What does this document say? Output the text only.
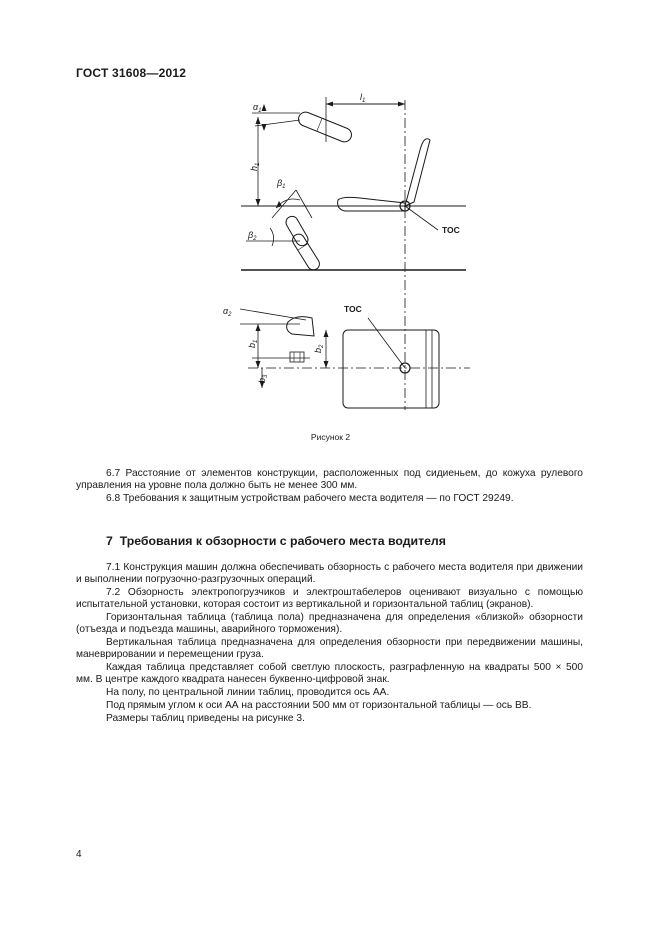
ГОСТ 31608—2012
$\alpha_1$
$l_1$
$h_1$
$\beta_1$
$\beta_2$
$\alpha_2$
$b_1$
$b_2$
$b_3$
ТОС
ТОС
Рисунок 2
6.7 Расстояние от элементов конструкции, расположенных под сидиеньем, до кожуха рулевого управления на уровне пола должно быть не менее 300 мм.
6.8 Требования к защитным устройствам рабочего места водителя — по ГОСТ 29249.
7 Требования к обзорности с рабочего места водителя
7.1 Конструкция машин должна обеспечивать обзорность с рабочего места водителя при движении и выполнении погрузочно-разгрузочных операций.
7.2 Обзорность электропогрузчиков и электроштабелеров оценивают визуально с помощью испытательной установки, которая состоит из вертикальной и горизонтальной таблиц (экранов).
Горизонтальная таблица (таблица пола) предназначена для определения «близкой» обзорности (отъезда и подъезда машины, аварийного торможения).
Вертикальная таблица предназначена для определения обзорности при передвижении машины, маневрировании и перемещении груза.
Каждая таблица представляет собой светлую плоскость, разграфленную на квадраты 500 × 500 мм. В центре каждого квадрата нанесен буквенно-цифровой знак.
На полу, по центральной линии таблиц, проводится ось АА.
Под прямым углом к оси АА на расстоянии 500 мм от горизонтальной таблицы — ось ВВ.
Размеры таблиц приведены на рисунке 3.
4
